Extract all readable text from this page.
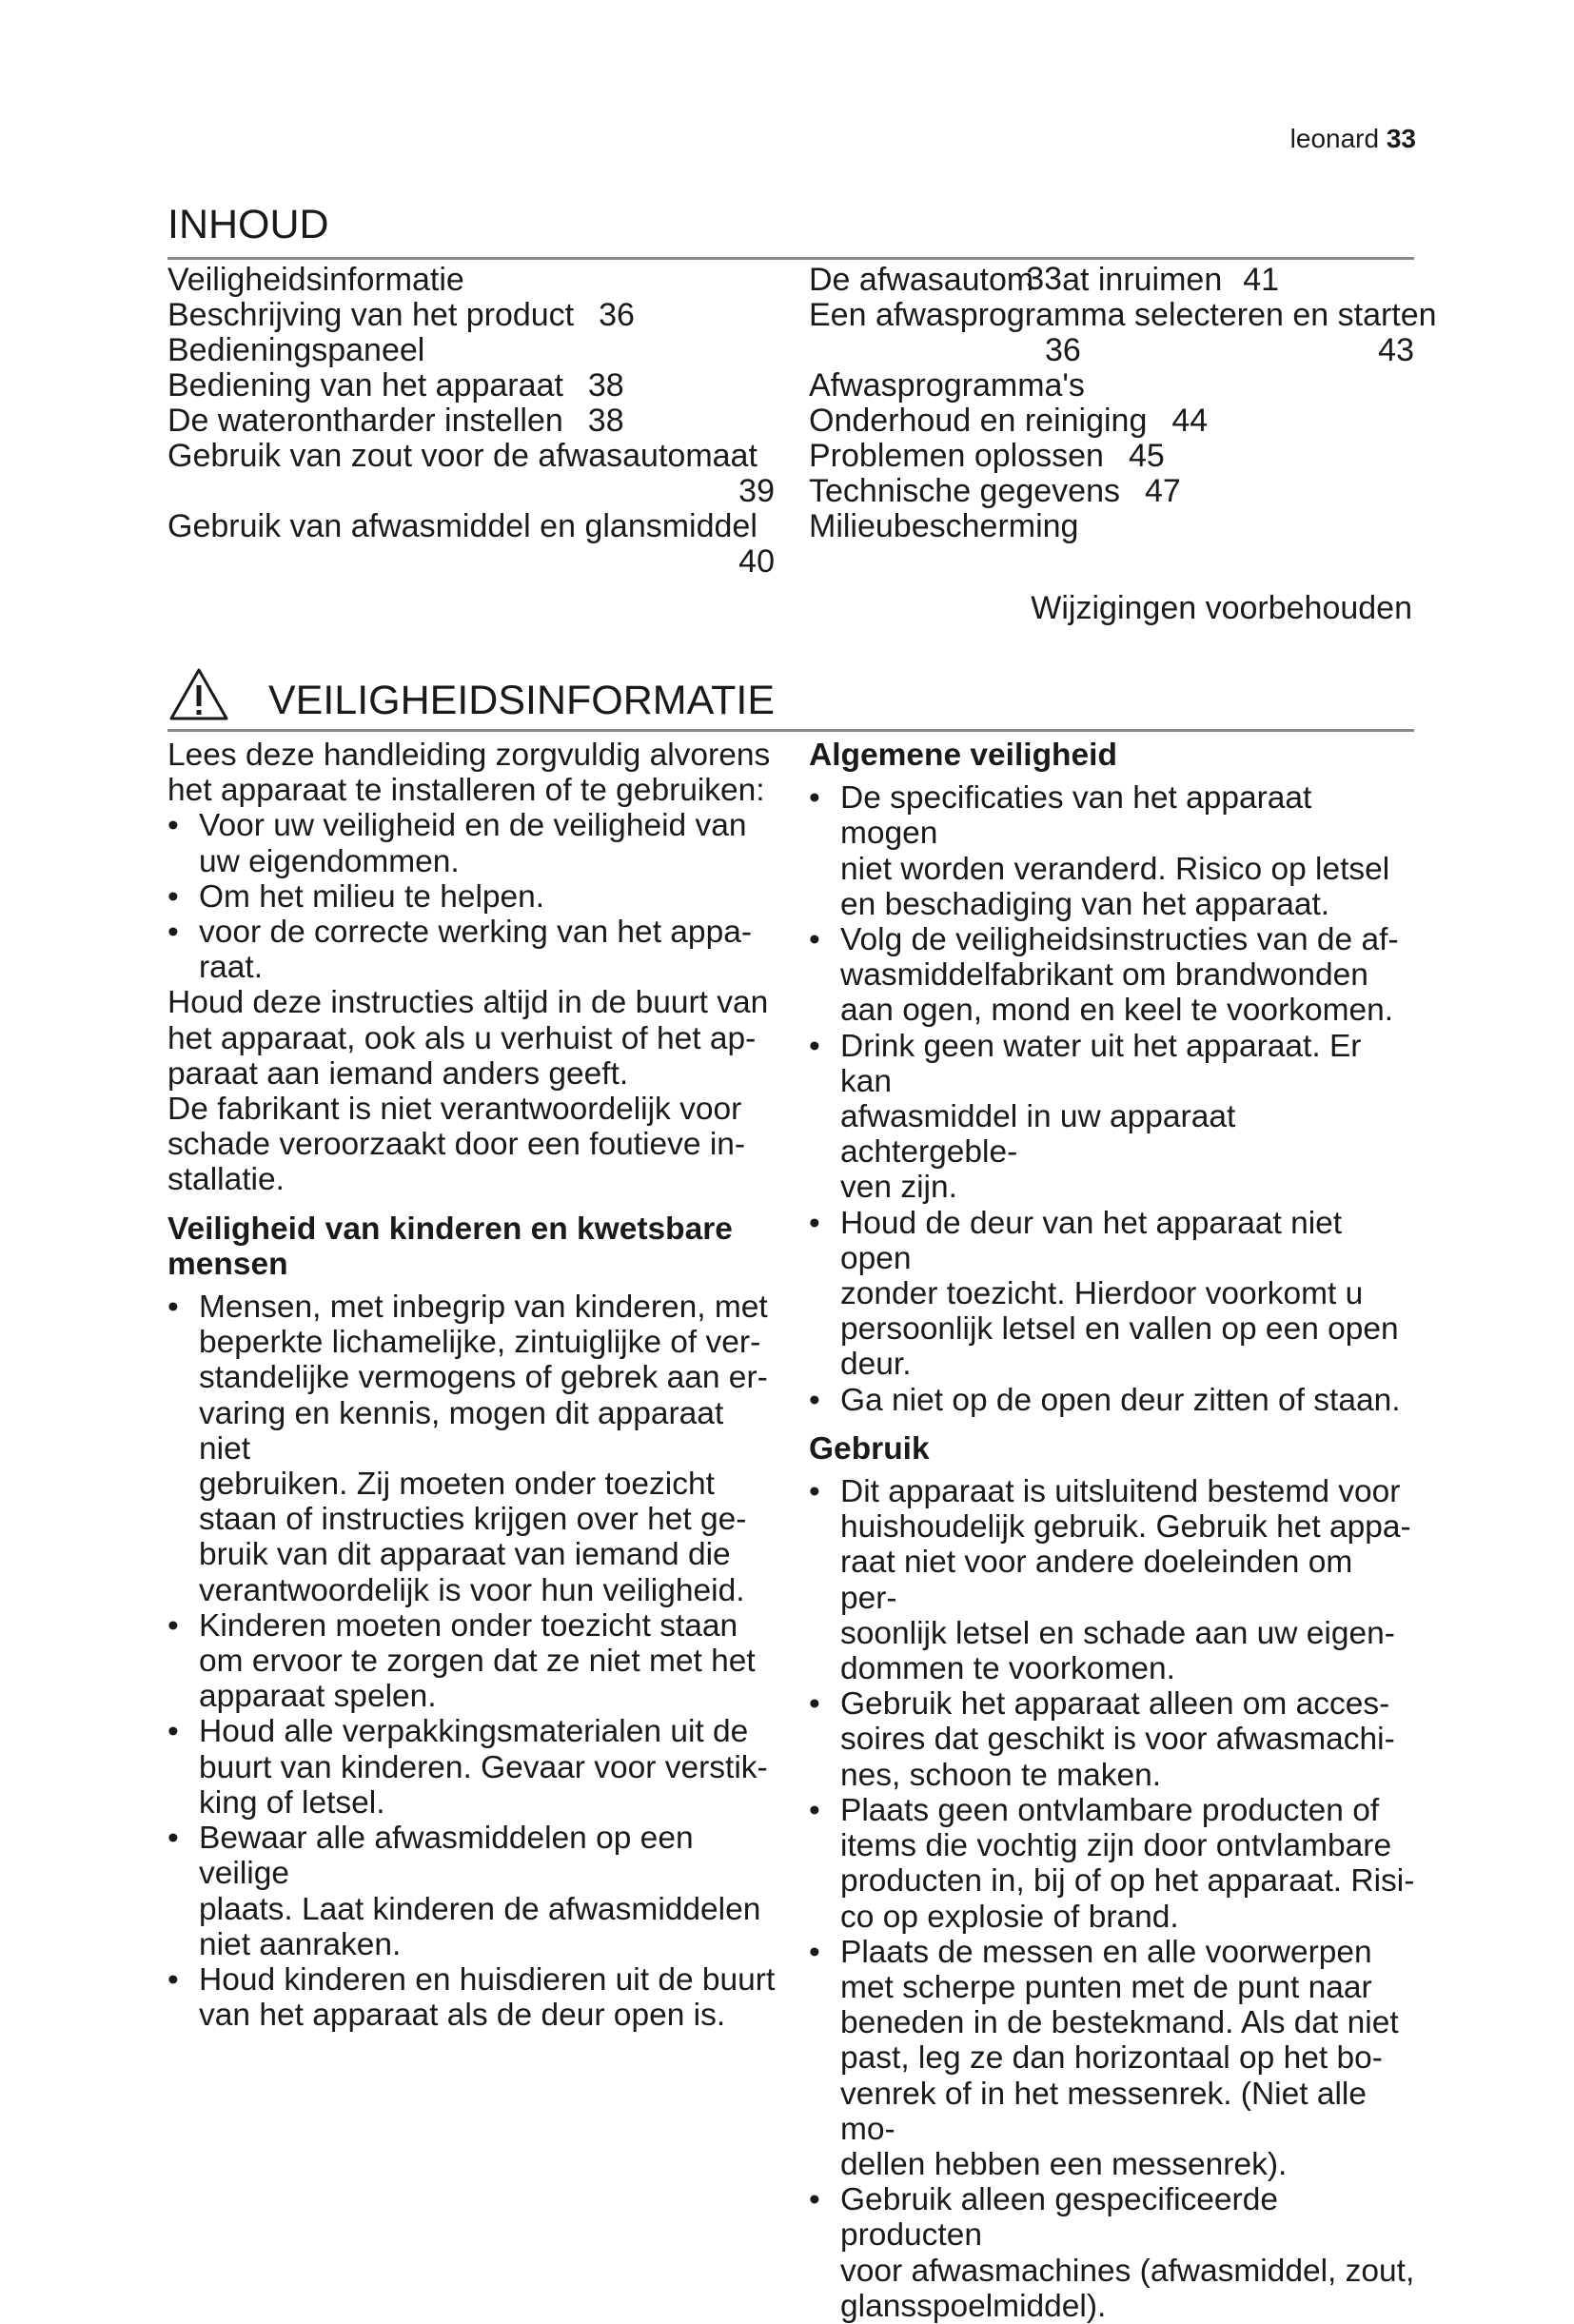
leonard 33
INHOUD
Veiligheidsinformatie
Beschrijving van het product 36
Bedieningspaneel
Bediening van het apparaat 38
De waterontharder instellen 38
Gebruik van zout voor de afwasautomaat
39
Gebruik van afwasmiddel en glansmiddel
40
De afwasautom
33 at inruimen 41
Een afwasprogramma selecteren en starten
36	43
Afwasprogramma's
Onderhoud en reiniging 44
Problemen oplossen 45
Technische gegevens 47
Milieubescherming
Wijzigingen voorbehouden
VEILIGHEIDSINFORMATIE

Lees deze handleiding zorgvuldig alvorens
het apparaat te installeren of te gebruiken:

• Voor uw veiligheid en de veiligheid van
uw eigendommen.
• Om het milieu te helpen.
• voor de correcte werking van het appa-
raat.

Houd deze instructies altijd in de buurt van
het apparaat, ook als u verhuist of het ap-
paraat aan iemand anders geeft.
De fabrikant is niet verantwoordelijk voor
schade veroorzaakt door een foutieve in-
stallatie.

Veiligheid van kinderen en kwetsbare
mensen
• Mensen, met inbegrip van kinderen, met
beperkte lichamelijke, zintuiglijke of ver-
standelijke vermogens of gebrek aan er-
varing en kennis, mogen dit apparaat niet
gebruiken. Zij moeten onder toezicht
staan of instructies krijgen over het ge-
bruik van dit apparaat van iemand die
verantwoordelijk is voor hun veiligheid.
• Kinderen moeten onder toezicht staan
om ervoor te zorgen dat ze niet met het
apparaat spelen.
• Houd alle verpakkingsmaterialen uit de
buurt van kinderen. Gevaar voor verstik-
king of letsel.
• Bewaar alle afwasmiddelen op een veilige
plaats. Laat kinderen de afwasmiddelen
niet aanraken.
• Houd kinderen en huisdieren uit de buurt
van het apparaat als de deur open is.
Algemene veiligheid
• De specificaties van het apparaat mogen
niet worden veranderd. Risico op letsel
en beschadiging van het apparaat.
• Volg de veiligheidsinstructies van de af-
wasmiddelfabrikant om brandwonden
aan ogen, mond en keel te voorkomen.
• Drink geen water uit het apparaat. Er kan
afwasmiddel in uw apparaat achtergeble-
ven zijn.
• Houd de deur van het apparaat niet open
zonder toezicht. Hierdoor voorkomt u
persoonlijk letsel en vallen op een open
deur.
• Ga niet op de open deur zitten of staan.
Gebruik
• Dit apparaat is uitsluitend bestemd voor
huishoudelijk gebruik. Gebruik het appa-
raat niet voor andere doeleinden om per-
soonlijk letsel en schade aan uw eigen-
dommen te voorkomen.
• Gebruik het apparaat alleen om acces-
soires dat geschikt is voor afwasmachi-
nes, schoon te maken.
• Plaats geen ontvlambare producten of
items die vochtig zijn door ontvlambare
producten in, bij of op het apparaat. Risi-
co op explosie of brand.
• Plaats de messen en alle voorwerpen
met scherpe punten met de punt naar
beneden in de bestekmand. Als dat niet
past, leg ze dan horizontaal op het bo-
venrek of in het messenrek. (Niet alle mo-
dellen hebben een messenrek).
• Gebruik alleen gespecificeerde producten
voor afwasmachines (afwasmiddel, zout,
glansspoelmiddel).
